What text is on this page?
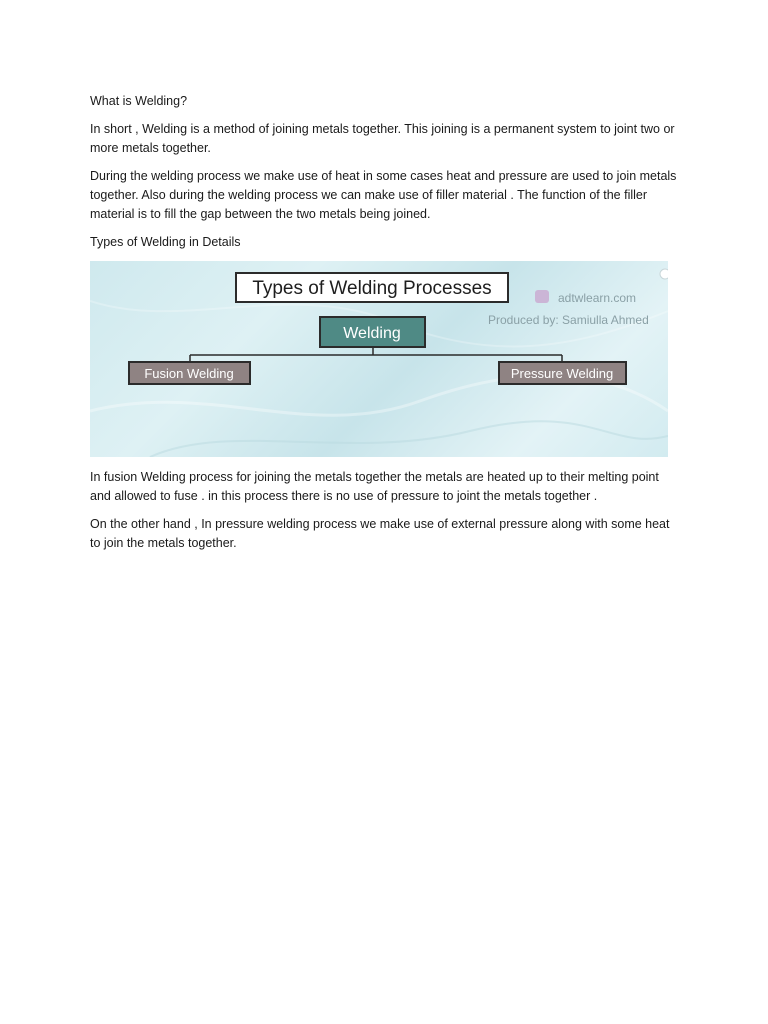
What is Welding?

In short , Welding is a method of joining metals together. This joining is a permanent system to joint two or more metals together.

During the welding process we make use of heat in some cases heat and pressure are used to join metals together. Also during the welding process we can make use of filler material . The function of the filler material is to fill the gap between the two metals being joined.

Types of Welding in Details

Types of Welding Processes
Welding
Fusion Welding	Pressure Welding
adtwlearn.com
Produced by: Samiulla Ahmed

In fusion Welding process for joining the metals together the metals are heated up to their melting point and allowed to fuse . in this process there is no use of pressure to joint the metals together .

On the other hand , In pressure welding process we make use of external pressure along with some heat to join the metals together.
